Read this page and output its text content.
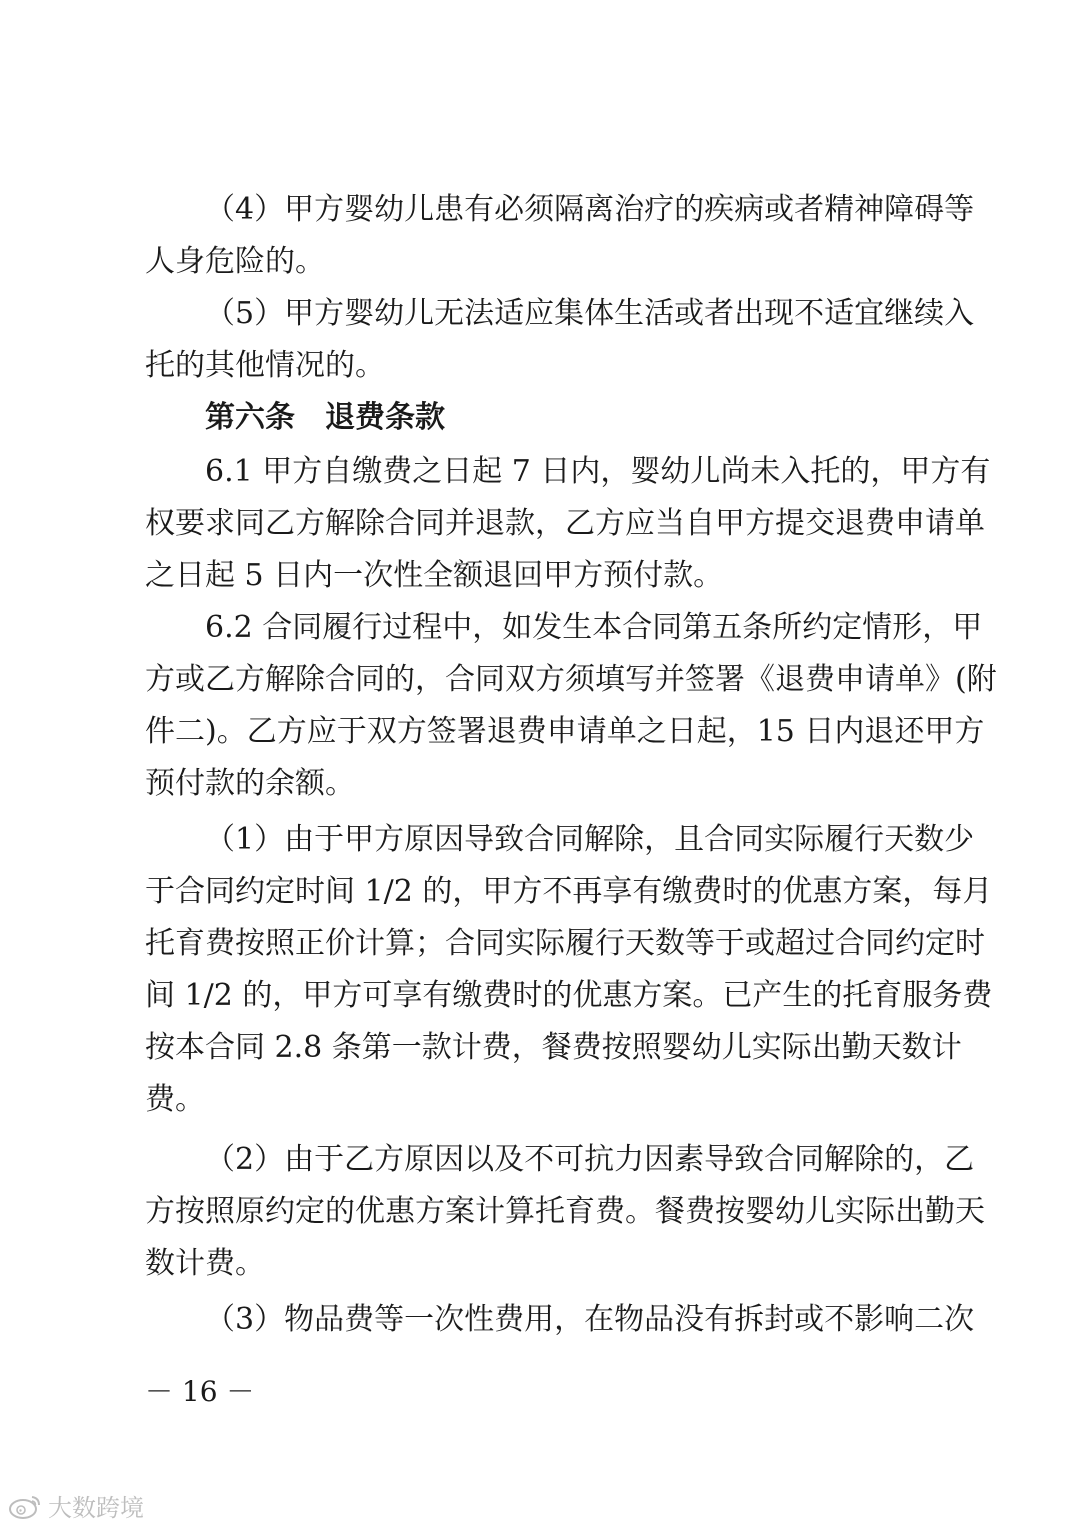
（4）甲方婴幼儿患有必须隔离治疗的疾病或者精神障碍等
人身危险的。
（5）甲方婴幼儿无法适应集体生活或者出现不适宜继续入
托的其他情况的。
第六条　退费条款
6.1 甲方自缴费之日起 7 日内，婴幼儿尚未入托的，甲方有
权要求同乙方解除合同并退款，乙方应当自甲方提交退费申请单
之日起 5 日内一次性全额退回甲方预付款。
6.2 合同履行过程中，如发生本合同第五条所约定情形，甲
方或乙方解除合同的，合同双方须填写并签署《退费申请单》(附
件二)。乙方应于双方签署退费申请单之日起，15 日内退还甲方
预付款的余额。
（1）由于甲方原因导致合同解除，且合同实际履行天数少
于合同约定时间 1/2 的，甲方不再享有缴费时的优惠方案，每月
托育费按照正价计算；合同实际履行天数等于或超过合同约定时
间 1/2 的，甲方可享有缴费时的优惠方案。已产生的托育服务费
按本合同 2.8 条第一款计费，餐费按照婴幼儿实际出勤天数计
费。
（2）由于乙方原因以及不可抗力因素导致合同解除的，乙
方按照原约定的优惠方案计算托育费。餐费按婴幼儿实际出勤天
数计费。
（3）物品费等一次性费用，在物品没有拆封或不影响二次
－ 16 －
大数跨境
